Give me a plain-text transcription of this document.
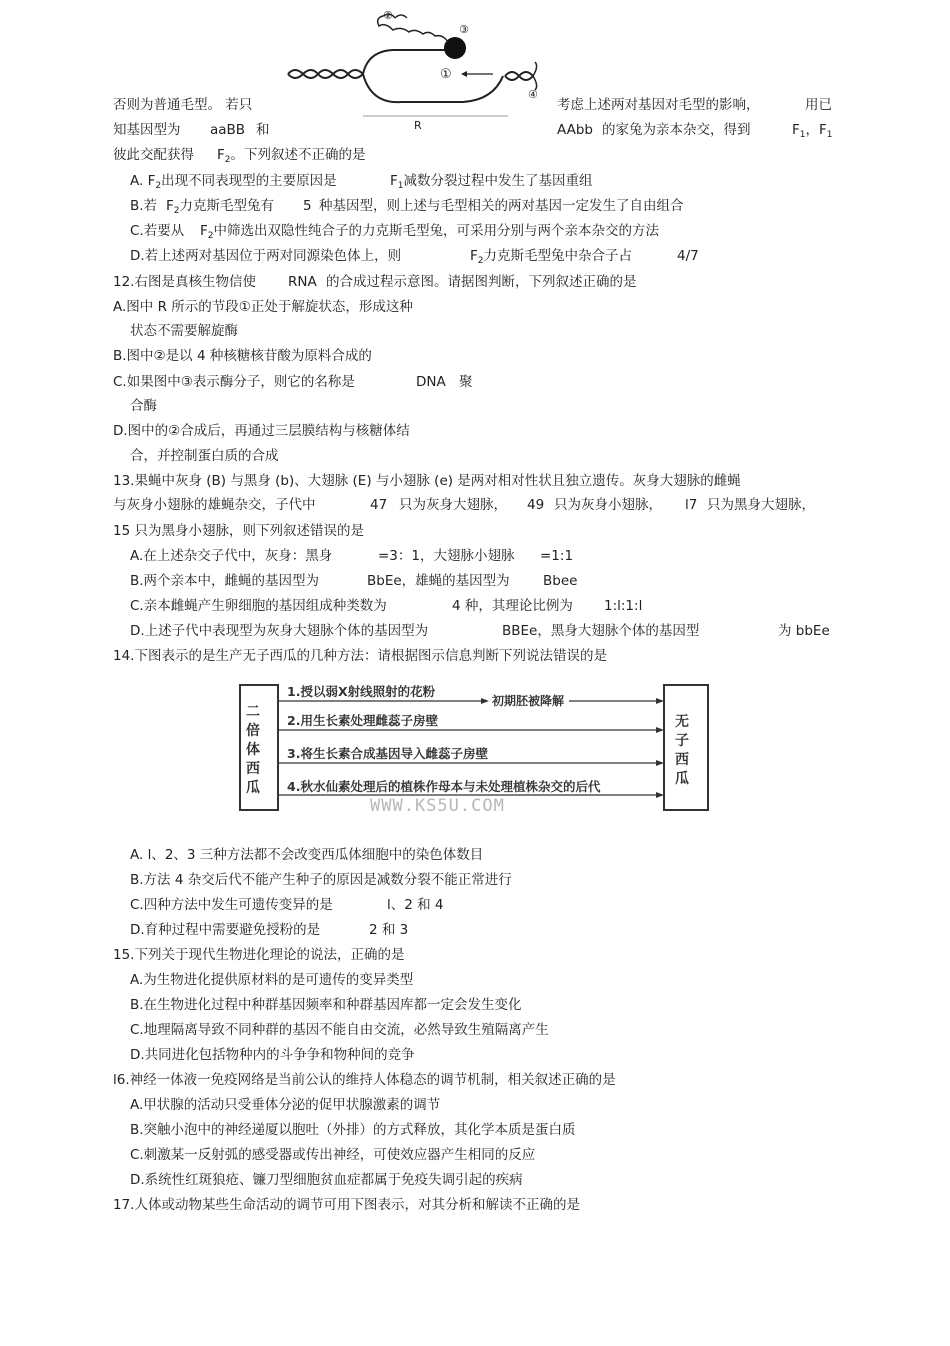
②
③
①
④
R
否则为普通毛型。 若只	考虑上述两对基因对毛型的影响，	用已
知基因型为 aaBB 和	AAbb 的家兔为亲本杂交，得到	$F_1$，$F_1$
彼此交配获得 $F_2$。下列叙述不正确的是
A. $F_2$出现不同表现型的主要原因是	$F_1$减数分裂过程中发生了基因重组
B.若 $F_2$力克斯毛型兔有 5 种基因型，则上述与毛型相关的两对基因一定发生了自由组合
C.若要从 $F_2$中筛选出双隐性纯合子的力克斯毛型兔，可采用分别与两个亲本杂交的方法
D.若上述两对基因位于两对同源染色体上，则	$F_2$力克斯毛型兔中杂合子占	4/7
12.右图是真核生物信使 RNA 的合成过程示意图。请据图判断，下列叙述正确的是
A.图中 R 所示的节段①正处于解旋状态，形成这种
状态不需要解旋酶
B.图中②是以 4 种核糖核苷酸为原料合成的
C.如果图中③表示酶分子，则它的名称是	DNA 聚
合酶
D.图中的②合成后，再通过三层膜结构与核糖体结
合，并控制蛋白质的合成
13.果蝇中灰身 (B) 与黑身 (b)、大翅脉 (E) 与小翅脉 (e) 是两对相对性状且独立遗传。灰身大翅脉的雌蝇
与灰身小翅脉的雄蝇杂交，子代中	47 只为灰身大翅脉， 49 只为灰身小翅脉， l7 只为黑身大翅脉，
15 只为黑身小翅脉，则下列叙述错误的是
A.在上述杂交子代中，灰身：黑身	=3：1，大翅脉小翅脉 =1:1
B.两个亲本中，雌蝇的基因型为	BbEe，雄蝇的基因型为 Bbee
C.亲本雌蝇产生卵细胞的基因组成种类数为	4 种，其理论比例为 1:l:1:l
D.上述子代中表现型为灰身大翅脉个体的基因型为	BBEe，黑身大翅脉个体的基因型	为 bbEe
14.下图表示的是生产无子西瓜的几种方法：请根据图示信息判断下列说法错误的是
二倍体西瓜
无子西瓜
1.授以弱X射线照射的花粉
初期胚被降解
2.用生长素处理雌蕊子房壁
3.将生长素合成基因导入雌蕊子房壁
4.秋水仙素处理后的植株作母本与未处理植株杂交的后代
WWW.KS5U.COM
A. l、2、3 三种方法都不会改变西瓜体细胞中的染色体数目
B.方法 4 杂交后代不能产生种子的原因是减数分裂不能正常进行
C.四种方法中发生可遗传变异的是	l、2 和 4
D.育种过程中需要避免授粉的是	2 和 3
15.下列关于现代生物进化理论的说法，正确的是
A.为生物进化提供原材料的是可遗传的变异类型
B.在生物进化过程中种群基因频率和种群基因库都一定会发生变化
C.地理隔离导致不同种群的基因不能自由交流，必然导致生殖隔离产生
D.共同进化包括物种内的斗争争和物种间的竞争
l6.神经一体液一免疫网络是当前公认的维持人体稳态的调节机制，相关叙述正确的是
A.甲状腺的活动只受垂体分泌的促甲状腺激素的调节
B.突触小泡中的神经递厦以胞吐（外排）的方式释放，其化学本质是蛋白质
C.刺激某一反射弧的感受器或传出神经，可使效应器产生相同的反应
D.系统性红斑狼疮、镰刀型细胞贫血症都属于免疫失调引起的疾病
17.人体或动物某些生命活动的调节可用下图表示，对其分析和解读不正确的是
